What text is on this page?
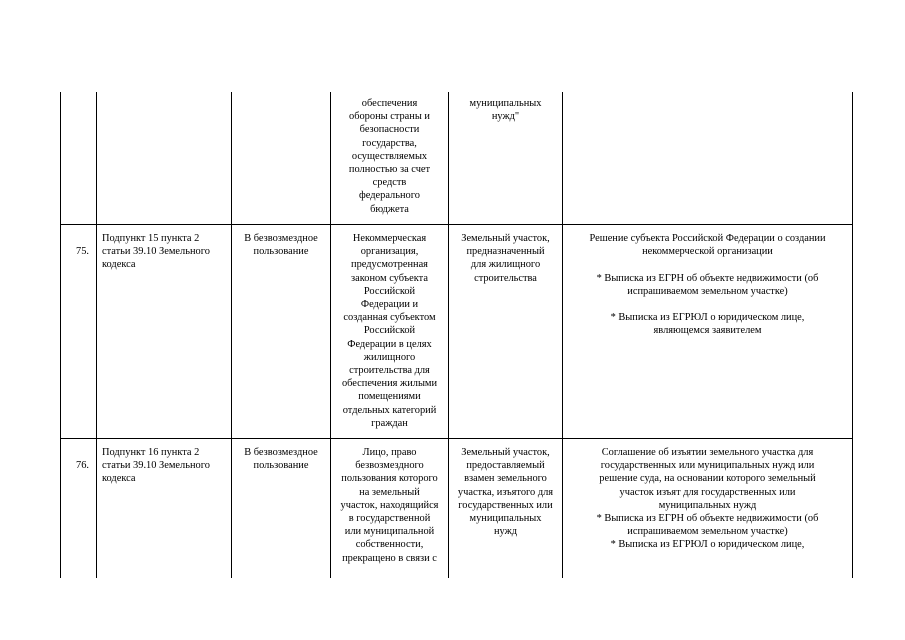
обеспечения
обороны страны и
безопасности
государства,
осуществляемых
полностью за счет
средств
федерального
бюджета
муниципальных
нужд"

75.

Подпункт 15 пункта 2
статьи 39.10 Земельного
кодекса
В безвозмездное
пользование
Некоммерческая
организация,
предусмотренная
законом субъекта
Российской
Федерации и
созданная субъектом
Российской
Федерации в целях
жилищного
строительства для
обеспечения жилыми
помещениями
отдельных категорий
граждан
Земельный участок,
предназначенный
для жилищного
строительства
Решение субъекта Российской Федерации о создании
некоммерческой организации

* Выписка из ЕГРН об объекте недвижимости (об
испрашиваемом земельном участке)

* Выписка из ЕГРЮЛ о юридическом лице,
являющемся заявителем

76.

Подпункт 16 пункта 2
статьи 39.10 Земельного
кодекса
В безвозмездное
пользование
Лицо, право
безвозмездного
пользования которого
на земельный
участок, находящийся
в государственной
или муниципальной
собственности,
прекращено в связи с
Земельный участок,
предоставляемый
взамен земельного
участка, изъятого для
государственных или
муниципальных
нужд
Соглашение об изъятии земельного участка для
государственных или муниципальных нужд или
решение суда, на основании которого земельный
участок изъят для государственных или
муниципальных нужд
* Выписка из ЕГРН об объекте недвижимости (об
испрашиваемом земельном участке)
* Выписка из ЕГРЮЛ о юридическом лице,
